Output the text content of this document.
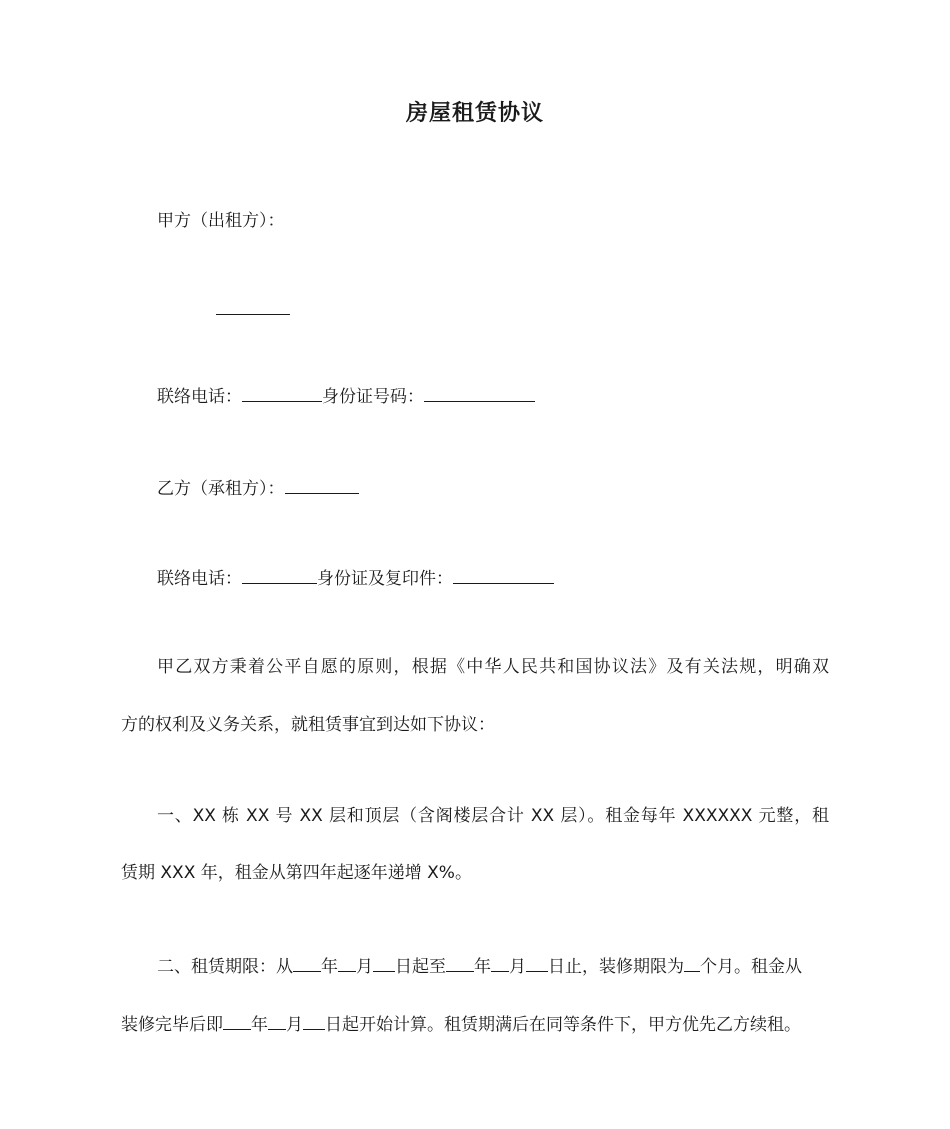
房屋租赁协议
甲方（出租方）：
联络电话：	身份证号码：
乙方（承租方）：
联络电话：	身份证及复印件：
甲乙双方秉着公平自愿的原则，根据《中华人民共和国协议法》及有关法规，明确双
方的权利及义务关系，就租赁事宜到达如下协议：
一、XX 栋 XX 号 XX 层和顶层（含阁楼层合计 XX 层）。租金每年 XXXXXX 元整，租
赁期 XXX 年，租金从第四年起逐年递增 X%。
二、租赁期限：从 年 月 日起至 年 月 日止，装修期限为 个月。租金从
装修完毕后即 年 月 日起开始计算。租赁期满后在同等条件下，甲方优先乙方续租。
